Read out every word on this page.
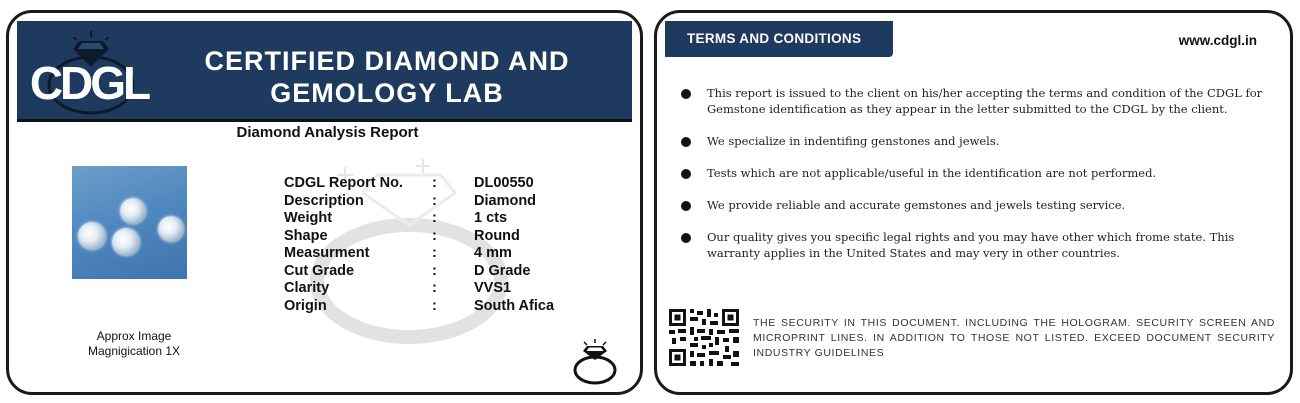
CDGL	CERTIFIED DIAMOND AND
GEMOLOGY LAB
Diamond Analysis Report
Approx Image
Magnigication 1X
CDGL Report No. :	DL00550
Description	:	Diamond
Weight	:	1 cts
Shape	:	Round
Measurment	:	4 mm
Cut Grade	:	D Grade
Clarity	:	VVS1
Origin	:	South Afica
TERMS AND CONDITIONS	www.cdgl.in
This report is issued to the client on his/her accepting the terms and condition of the CDGL for Gemstone identification as they appear in the letter submitted to the CDGL by the client.
We specialize in indentifing genstones and jewels.
Tests which are not applicable/useful in the identification are not performed.
We provide reliable and accurate gemstones and jewels testing service.
Our quality gives you specific legal rights and you may have other which frome state. This warranty applies in the United States and may very in other countries.
THE SECURITY IN THIS DOCUMENT. INCLUDING THE HOLOGRAM. SECURITY SCREEN AND MICROPRINT LINES. IN ADDITION TO THOSE NOT LISTED. EXCEED DOCUMENT SECURITY INDUSTRY GUIDELINES
